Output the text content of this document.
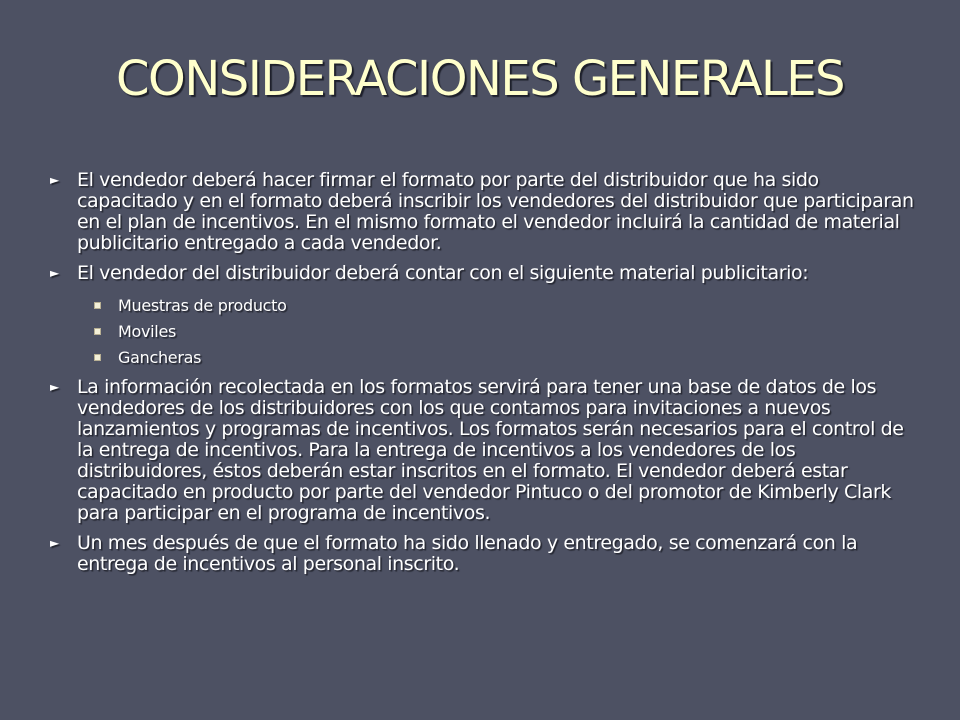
CONSIDERACIONES GENERALES
► El vendedor deberá hacer firmar el formato por parte del distribuidor que ha sido capacitado y en el formato deberá inscribir los vendedores del distribuidor que participaran en el plan de incentivos. En el mismo formato el vendedor incluirá la cantidad de material publicitario entregado a cada vendedor.
► El vendedor del distribuidor deberá contar con el siguiente material publicitario:
Muestras de producto
Moviles
Gancheras
► La información recolectada en los formatos servirá para tener una base de datos de los vendedores de los distribuidores con los que contamos para invitaciones a nuevos lanzamientos y programas de incentivos. Los formatos serán necesarios para el control de la entrega de incentivos. Para la entrega de incentivos a los vendedores de los distribuidores, éstos deberán estar inscritos en el formato. El vendedor deberá estar capacitado en producto por parte del vendedor Pintuco o del promotor de Kimberly Clark para participar en el programa de incentivos.
► Un mes después de que el formato ha sido llenado y entregado, se comenzará con la entrega de incentivos al personal inscrito.
